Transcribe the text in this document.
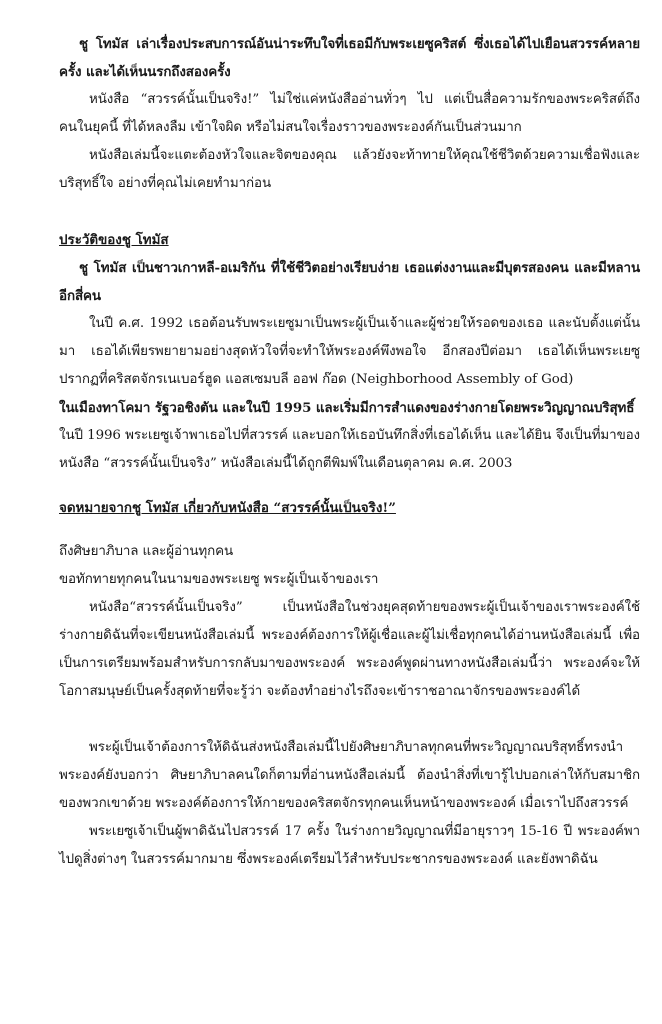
ชู โทมัส เล่าเรื่องประสบการณ์อันน่าระทึบใจที่เธอมีกับพระเยซูคริสต์ ซึ่งเธอได้ไปเยือนสวรรค์หลายครั้ง และได้เห็นนรกถึงสองครั้ง

หนังสือ “สวรรค์นั้นเป็นจริง!” ไม่ใช่แค่หนังสืออ่านทั่วๆ ไป แต่เป็นสื่อความรักของพระคริสต์ถึงคนในยุคนี้ ที่ได้หลงลืม เข้าใจผิด หรือไม่สนใจเรื่องราวของพระองค์กันเป็นส่วนมาก

หนังสือเล่มนี้จะแตะต้องหัวใจและจิตของคุณ แล้วยังจะท้าทายให้คุณใช้ชีวิตด้วยความเชื่อฟังและบริสุทธิ์ใจ อย่างที่คุณไม่เคยทำมาก่อน

ประวัติของชู โทมัส

ชู โทมัส เป็นชาวเกาหลี-อเมริกัน ที่ใช้ชีวิตอย่างเรียบง่าย เธอแต่งงานและมีบุตรสองคน และมีหลานอีกสี่คน

ในปี ค.ศ. 1992 เธอต้อนรับพระเยซูมาเป็นพระผู้เป็นเจ้าและผู้ช่วยให้รอดของเธอ และนับตั้งแต่นั้นมา เธอได้เพียรพยายามอย่างสุดหัวใจที่จะทำให้พระองค์พึงพอใจ อีกสองปีต่อมา เธอได้เห็นพระเยซูปรากฏที่คริสตจักรเนเบอร์ฮูด แอสเซมบลี ออฟ ก๊อด (Neighborhood Assembly of God)

ในเมืองทาโคมา รัฐวอชิงตัน และในปี 1995 และเริ่มมีการสำแดงของร่างกายโดยพระวิญญาณบริสุทธิ์

ในปี 1996 พระเยซูเจ้าพาเธอไปที่สวรรค์ และบอกให้เธอบันทึกสิ่งที่เธอได้เห็น และได้ยิน จึงเป็นที่มาของหนังสือ “สวรรค์นั้นเป็นจริง” หนังสือเล่มนี้ได้ถูกตีพิมพ์ในเดือนตุลาคม ค.ศ. 2003

จดหมายจากชู โทมัส เกี่ยวกับหนังสือ “สวรรค์นั้นเป็นจริง!”

ถึงศิษยาภิบาล และผู้อ่านทุกคน

ขอทักทายทุกคนในนามของพระเยซู พระผู้เป็นเจ้าของเรา

หนังสือ“สวรรค์นั้นเป็นจริง” เป็นหนังสือในช่วงยุคสุดท้ายของพระผู้เป็นเจ้าของเราพระองค์ใช้ร่างกายดิฉันที่จะเขียนหนังสือเล่มนี้ พระองค์ต้องการให้ผู้เชื่อและผู้ไม่เชื่อทุกคนได้อ่านหนังสือเล่มนี้ เพื่อเป็นการเตรียมพร้อมสำหรับการกลับมาของพระองค์ พระองค์พูดผ่านทางหนังสือเล่มนี้ว่า พระองค์จะให้โอกาสมนุษย์เป็นครั้งสุดท้ายที่จะรู้ว่า จะต้องทำอย่างไรถึงจะเข้าราชอาณาจักรของพระองค์ได้

พระผู้เป็นเจ้าต้องการให้ดิฉันส่งหนังสือเล่มนี้ไปยังศิษยาภิบาลทุกคนที่พระวิญญาณบริสุทธิ์ทรงนำ พระองค์ยังบอกว่า ศิษยาภิบาลคนใดก็ตามที่อ่านหนังสือเล่มนี้ ต้องนำสิ่งที่เขารู้ไปบอกเล่าให้กับสมาชิกของพวกเขาด้วย พระองค์ต้องการให้กายของคริสตจักรทุกคนเห็นหน้าของพระองค์ เมื่อเราไปถึงสวรรค์

พระเยซูเจ้าเป็นผู้พาดิฉันไปสวรรค์ 17 ครั้ง ในร่างกายวิญญาณที่มีอายุราวๆ 15-16 ปี พระองค์พาไปดูสิ่งต่างๆ ในสวรรค์มากมาย ซึ่งพระองค์เตรียมไว้สำหรับประชากรของพระองค์ และยังพาดิฉัน
